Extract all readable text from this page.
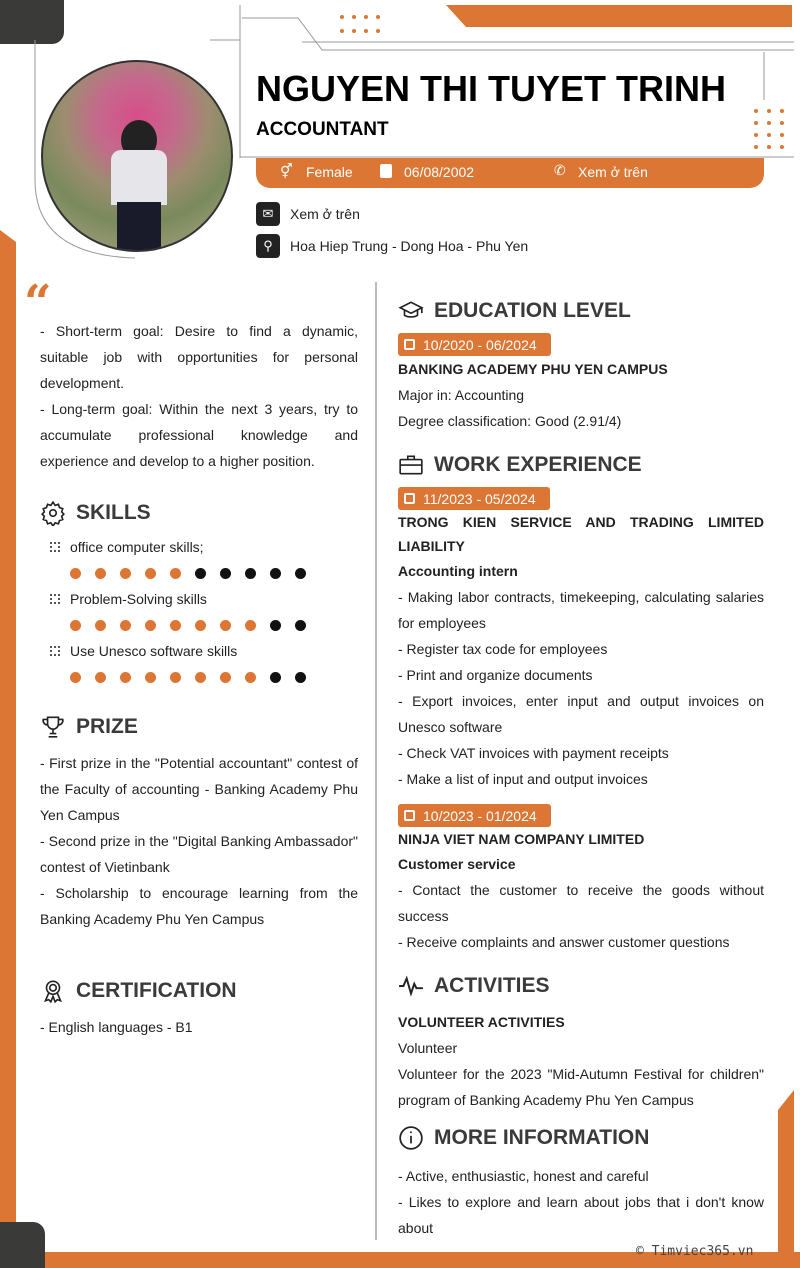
NGUYEN THI TUYET TRINH
ACCOUNTANT
⚥ Female	06/08/2002	✆ Xem ở trên
✉	Xem ở trên
⚲	Hoa Hiep Trung - Dong Hoa - Phu Yen
“
- Short-term goal: Desire to find a dynamic, suitable job with opportunities for personal development.
- Long-term goal: Within the next 3 years, try to accumulate professional knowledge and experience and develop to a higher position.
SKILLS
office computer skills;
Problem-Solving skills
Use Unesco software skills
PRIZE
- First prize in the "Potential accountant" contest of the Faculty of accounting - Banking Academy Phu Yen Campus
- Second prize in the "Digital Banking Ambassador" contest of Vietinbank
- Scholarship to encourage learning from the Banking Academy Phu Yen Campus
CERTIFICATION
- English languages - B1
EDUCATION LEVEL
10/2020 - 06/2024
BANKING ACADEMY PHU YEN CAMPUS
Major in: Accounting
Degree classification: Good (2.91/4)
WORK EXPERIENCE
11/2023 - 05/2024
TRONG KIEN SERVICE AND TRADING LIMITED LIABILITY
Accounting intern
- Making labor contracts, timekeeping, calculating salaries for employees
- Register tax code for employees
- Print and organize documents
- Export invoices, enter input and output invoices on Unesco software
- Check VAT invoices with payment receipts
- Make a list of input and output invoices
10/2023 - 01/2024
NINJA VIET NAM COMPANY LIMITED
Customer service
- Contact the customer to receive the goods without success
- Receive complaints and answer customer questions
ACTIVITIES
VOLUNTEER ACTIVITIES
Volunteer
Volunteer for the 2023 "Mid-Autumn Festival for children" program of Banking Academy Phu Yen Campus
MORE INFORMATION
- Active, enthusiastic, honest and careful
- Likes to explore and learn about jobs that i don't know about
© Timviec365.vn
